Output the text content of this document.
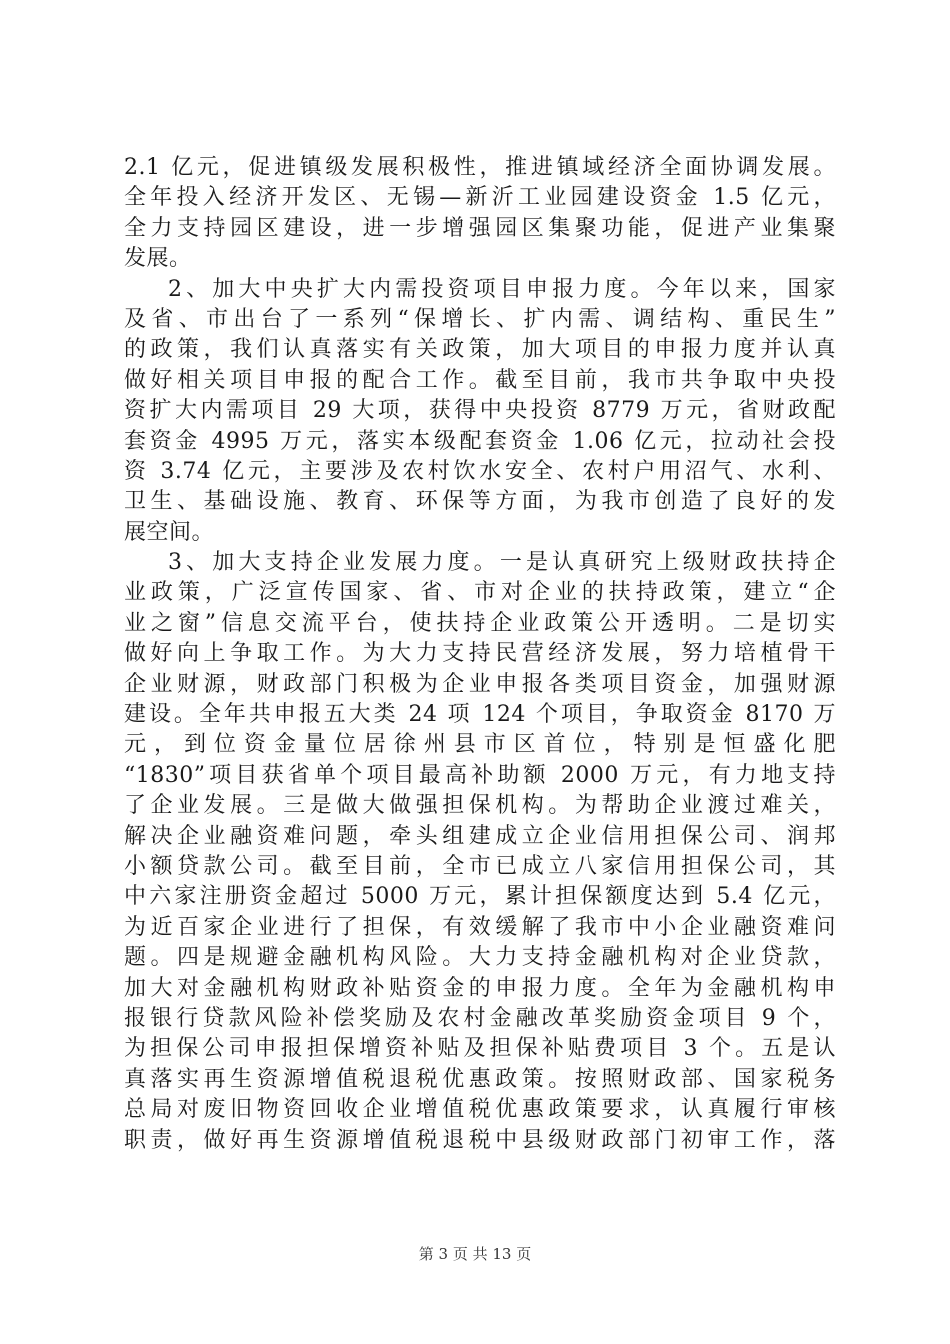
2.1 亿元，促进镇级发展积极性，推进镇域经济全面协调发展。
全年投入经济开发区、无锡—新沂工业园建设资金 1.5 亿元，
全力支持园区建设，进一步增强园区集聚功能，促进产业集聚
发展。
2、加大中央扩大内需投资项目申报力度。今年以来，国家
及省、市出台了一系列“保增长、扩内需、调结构、重民生”
的政策，我们认真落实有关政策，加大项目的申报力度并认真
做好相关项目申报的配合工作。截至目前，我市共争取中央投
资扩大内需项目 29 大项，获得中央投资 8779 万元，省财政配
套资金 4995 万元，落实本级配套资金 1.06 亿元，拉动社会投
资 3.74 亿元，主要涉及农村饮水安全、农村户用沼气、水利、
卫生、基础设施、教育、环保等方面，为我市创造了良好的发
展空间。
3、加大支持企业发展力度。一是认真研究上级财政扶持企
业政策，广泛宣传国家、省、市对企业的扶持政策，建立“企
业之窗”信息交流平台，使扶持企业政策公开透明。二是切实
做好向上争取工作。为大力支持民营经济发展，努力培植骨干
企业财源，财政部门积极为企业申报各类项目资金，加强财源
建设。全年共申报五大类 24 项 124 个项目，争取资金 8170 万
元，到位资金量位居徐州县市区首位，特别是恒盛化肥
“1830”项目获省单个项目最高补助额 2000 万元，有力地支持
了企业发展。三是做大做强担保机构。为帮助企业渡过难关，
解决企业融资难问题，牵头组建成立企业信用担保公司、润邦
小额贷款公司。截至目前，全市已成立八家信用担保公司，其
中六家注册资金超过 5000 万元，累计担保额度达到 5.4 亿元，
为近百家企业进行了担保，有效缓解了我市中小企业融资难问
题。四是规避金融机构风险。大力支持金融机构对企业贷款，
加大对金融机构财政补贴资金的申报力度。全年为金融机构申
报银行贷款风险补偿奖励及农村金融改革奖励资金项目 9 个，
为担保公司申报担保增资补贴及担保补贴费项目 3 个。五是认
真落实再生资源增值税退税优惠政策。按照财政部、国家税务
总局对废旧物资回收企业增值税优惠政策要求，认真履行审核
职责，做好再生资源增值税退税中县级财政部门初审工作，落
第 3 页 共 13 页
